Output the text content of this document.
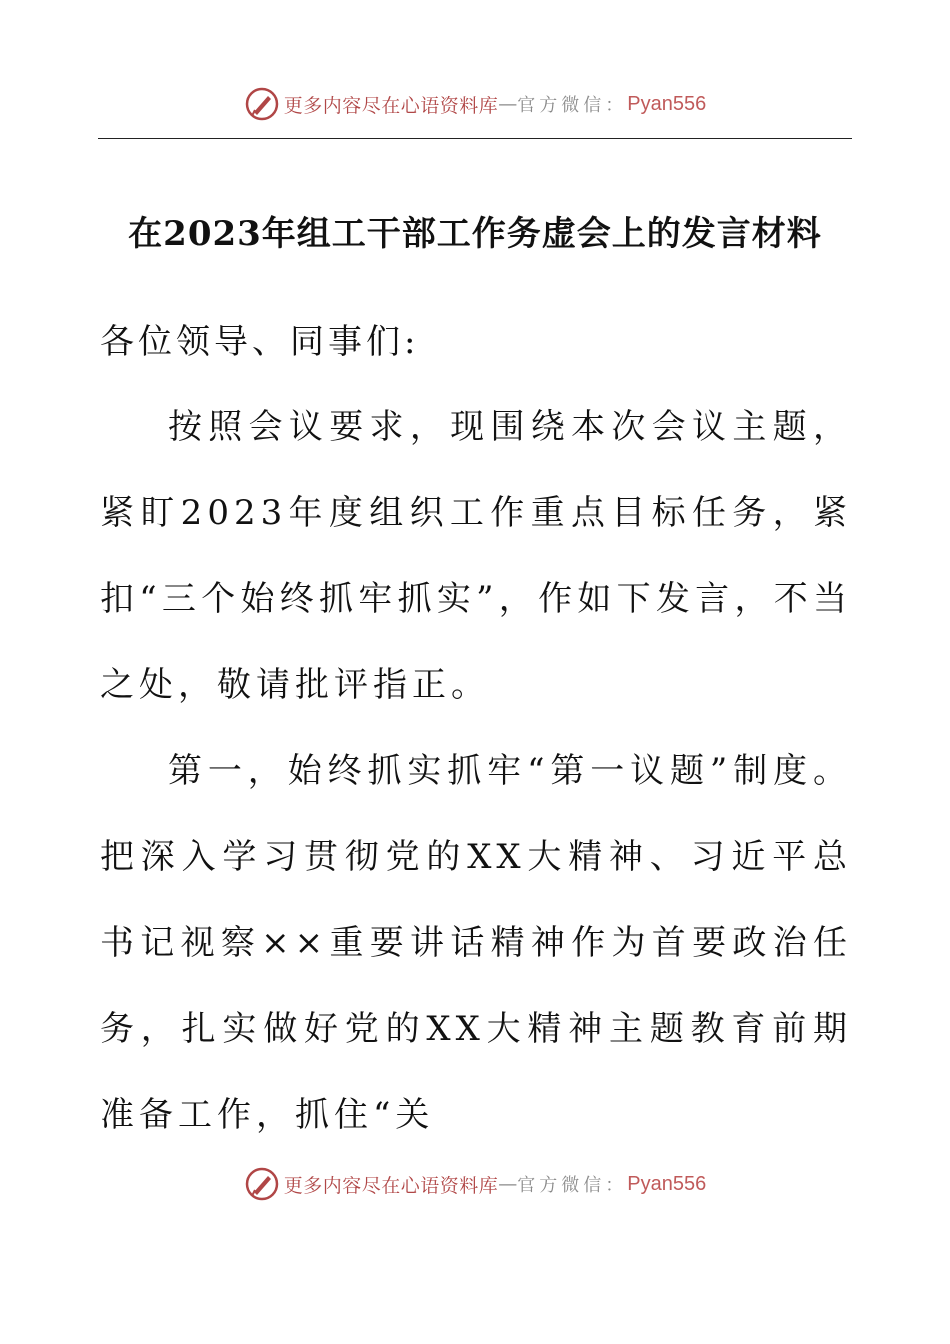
更多内容尽在心语资料库 — 官方微信： Pyan556
在2023年组工干部工作务虚会上的发言材料
各位领导、同事们:

按照会议要求，现围绕本次会议主题，紧盯2023年度组织工作重点目标任务，紧扣“三个始终抓牢抓实”，作如下发言，不当之处，敬请批评指正。

第一，始终抓实抓牢“第一议题”制度。把深入学习贯彻党的XX大精神、习近平总书记视察××重要讲话精神作为首要政治任务，扎实做好党的XX大精神主题教育前期准备工作，抓住“关

更多内容尽在心语资料库 — 官方微信： Pyan556
